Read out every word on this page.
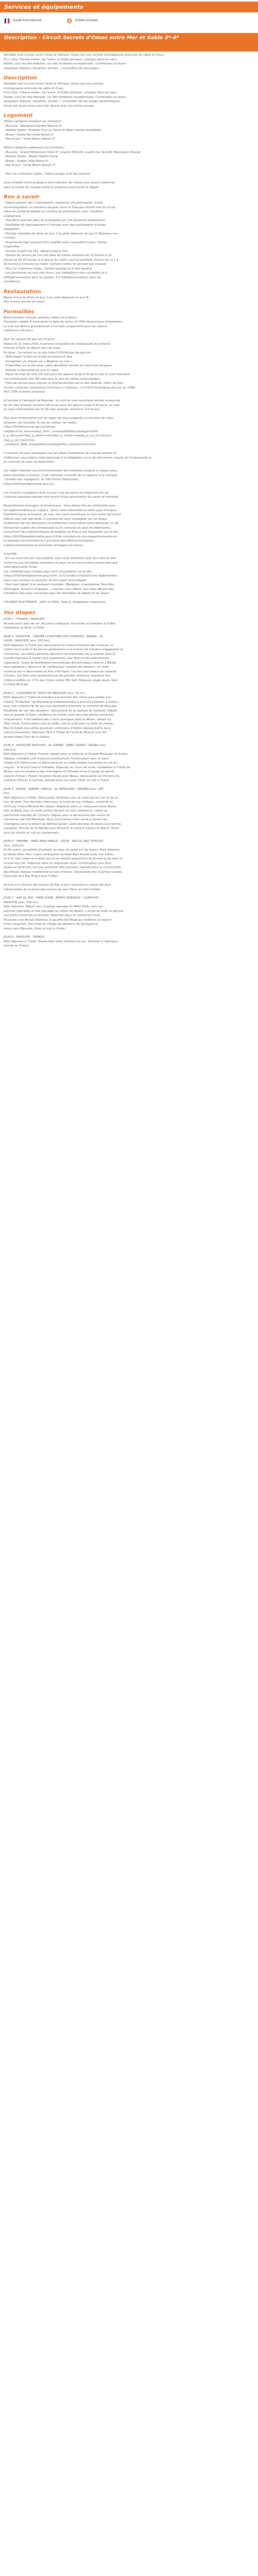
Services et équipements
Guide francophone	Visites incluses
Description - Circuit Secrets d'Oman entre Mer et Sable 3*-4*

Véritable trait d'union entre l'Inde et l'Afrique, Oman est une contrée montagneuse entourée de sable et d'eau.
D'un côté, l'Océan Indien, de l'autre, le Golfe persique ; plongez dans les eaux
libides, sous les des baleines, sur des tombants exceptionnels. Contemplez sa faune
aquatique (baleine, dauphins, tortues...) et profitez de ces plages ...

Description

Véritable trait d'union entre l'Inde et l'Afrique, Oman est une contrée
montagneuse entourée de sable et d'eau.
D'un côté, l'Océan Indien, de l'autre, le Golfe persique ; plongez dans les eaux
libides, sous les des baleines, sur des tombants exceptionnels. Contemplez sa faune
aquatique (baleine, dauphins, tortues...) et profitez de ces plages paradisiaques.
Oman est aussi connu pour son désert avec ses dunes orange.

Logement

Hôtels catégorie standard (ou similaire) :
- Muscate : Wyndham Garden Muscat 4*
- Wahiba Sands : Arabian Oryx ou Sama Al Wasil (tentes standards).
- Nizwa : Nizwa Ibis Hotel Nizwa 4*
- Ras Al Jinz : Turtle Beach Resort 3*

Hôtels catégorie supérieure (ou similaire) :
- Muscate : Grand Millennium Hotel 5* (majoré 50/1/26, à partir du 31/1/26, Movenpick Muscat.
- Wahiba Sands : Desert Nights Camp
- Nizwa : Golden Tulip Nizwa 4*
- Ras Al Jinz : Turtle Beach Resort 3*

- Pour les chambres triples, l'hôtel partage le lit des parents

Liste d'hôtels communiquée à titre indicatif, les hôtels vous seront confirmés
dans le carnet de voyage transmis quelques jours avant le départ.

Bon à savoir

- Départ garanti dès 2 participants, maximum 24 participants. Guide
accompagnateur en plusieurs langues (dont le français) durant tout le circuit,
véhicule climatisé adapté au nombre de participants, avec chauffeur
anglophone.
- Transferts assurés (être accompagnés par une personne anglophone.
- Possibilité de regroupement à l'arrivée avec des participants d'autres
voyagistes.
- Période complète du dîner du jour 1 au petit déjeuner du jour 8. Boissons non
incluses.
- Programme type pouvant être modifié selon impératifs locaux. Visites
respectées.
- Arrivée à partir de 14h, départ jusqu'à 15h.
- Heures de service de l'accord dans les hôtels standard de 12 heures à 15
heures et de 18 heures à 3 heures du matin, sauf le vendredi, heures de 12 h à
16 heures à 3 heures du matin. Certains hôtels ne servent pas d'alcool.
- Pour les chambres triples, l'enfant partage le lit des parents
- Les pourboires ne sont pas inclus, une obligations mais conseillés (e 8
USD/personne/jour pour les guides, 4-5 USD/personne/jour pour les
chauffeurs).

Restauration

Repas inclus du dîner du jour 1 au petit-déjeuner du jour 8.
Eau incluse durant les repas.

Formalités

Ressortissants français (adultes, bébés et enfants) :
Passeport valable 6 mois après la date de retour et VISA électronique obligatoires.
Le visa est délivré gratuitement à l'arrivée uniquement pour les séjours
inférieurs à 14 jours.

Pour les séjours de plus de 14 jours :
Depuis le 21 mars 2018, le service consulaire de l'ambassade du sultanat
d'Oman à Paris ne délivre plus de visas.
En ligne : Se rendre sur le site https://XXXXevisa.rop.gov.om
- Télécharger le Manuel d'aide procédure E-Visa
- Enregistrer un citoyen sur « Register as user »
- S'identifier sur le site avec votre identifiant (email) et votre mot de passe
- Remplir la demande de visa en ligne
- Payer les frais de visa (20 rials pour les séjours jusqu'à 30 jours) par la carte bancaire
via le formulaire visa (50 rials pour le visa de visites multi-entrées)
- Frais de service pour assurer le fonctionnement de ce site internet, mercl de bien
vouloir contacter l'assistance technique à l'adresse : ic1.5503 Oman@rop.gov.om ou +968
993 7194 (numéro omanais).

A l'arrivée à l'aéroport de Muscate : le coût du visa touristique entrée unique est
de 20 rials omanais (environ 46 euros) pour les séjours jusqu'à 30 jours. Le coût
du visa multi-entrées est de 50 rials omanais (environs 117 euros).

Pour plus d'information sur les types de visas proposés en fonction de votre
situation, de consulter le site du visiteur de visites
https://XXXXevisa.rop.gov.om/evisa
nslgltb(url=p_id=evisasrcl_hhhl.../visatypeElibility/visatypel-kirfd-
p_p_lifecycle=0&p_p_state=normal&p_p_mode=view&p_p_col_id=column-
1&p_p_col_count=1&
_visastyrol_WAR_visaeligibilityvisaeligibilityl_myaction=recheck.

Il convient de vous renseigner sur les délais d'obtention du visa documents et
d'effectuer vous-même votre demande à la délégation cours de démarches auprès de l'ambassade ou
du consulat du pays de destination.

Les règles relatives aux franchissements des frontières propres à chaque pays
étant amenées à évoluer, il est vivement conseillé de se reporter à la rubrique
"conseils aux voyageurs" du site France Diplomatie,
https://XXXXwwdiplomatie.gouv.fr/...

Les mineurs voyageant seuls ou avec une personne ne disposant pas de
l'autorité parentale doivent être munis d'une autorisation de sortie de territoire.

Ressortissants étrangers et binationaux : Vous devez être en conformité avec
les réglementations en vigueur, selon votre nationalité et votre pays d'origine.
Possibilité qu'en envoyant, un visa, une carte touristique ou tout autre document
officiel vous soit demandé. Il convient de vous renseigner sur les délais
d'obtention de ces documents et d'effectuer vous-même votre demande, cf. de
démarches auprès de l'ambassade ou du consulat du pays de destination.
Concernant des représentations étrangères en France est disponible via ce lien :
https://XXXXwwwdiplomatie.gouv.fr/fr/le-ministere-et-son-reseau/annuaires-et-
et-adresses-du-ministere-et-l-annuaire-des-affaires-etrangeres-
maeannuairesambas-et-consulats-etrangers-en-france/

A NOTER :
- En cas d'arrivée par voie postale, nous vous informons que vous devrez être
conforme aux formalités sanitaires du pays ou se trouve votre escale ainsi que
votre destination finale.
Les modalités pour chaque pays sont consultables sur le site
https://XXXXwwdiplomatie.gouv.fr/fr/. Le Conseille instituent très réglièrement,
nous vous invitons à consulter ce lien avant votre départ.
- Pour tout départ d'un aéroport frontalier, (Belgique, Luxembourg, Pays-Bas,
Allemagne, Suisse ou Espagne...) veuillez vous référer aux sites officiels des
ministères des pays concernés pour les formalités de départ et de retour.

COURANT ELECTRIQUE : 240V et 50Hz. Type G. Adaptateur nécessaire.

Vos étapes

JOUR 1 : FRANCE / MASCATE
Arrivée selon plan de vol. Accueil à l'aéroport, formalités et transfert à l'hôtel.
Installation et dîner à l'hôtel.

JOUR 2 : MASCATE - CENTRE D'HISTOIRE DES SCIENCES - BARKA - AL
HAZM - MASCATE (env. 325 km)
Petit déjeuner à l'hôtel puis découverte du centre d'histoire des sciences, le
centre vous invite à les jeunes générations à la science de manière engageante et
interactive. Les élèves peuvent découvrir les merveilles de la science dans le
monde islamique à travers des expositions, des films et des événements
importants. Visite de fortification reconstituée des principaux sites et à Barka.
Vous passerez y découvrir de nombreuses variétés de poissons. La visite
continue par la découverte du Fort d'Al Hazm, l'un des plus beaux du sultanat
d'Oman. Les forts sont seulement par de grandes colonnes, imposant fort
militaire édifiée en 1711 par l'imam sultan Bin Saif. Déjeuner plage repas. Nuit
à l'hôtel Muscate.

JOUR 3 : CROISIÈRE ET VISITE DE MASCATE (env. 75 km)
Petit déjeuner à l'hôtel et transfert à Jousra-bin afin d'être puis guidés à la
marina "Al Bandar" de Mascate et embarquement à bord d'un bateau à moteur
pour une croisière de 2h qui vous permettra d'admirer la corniche de Mascate.
Possibilité de voir des dauphins. Découverte de la capitale du Sultanat. Départ
vers la grande Al Alam, résidence du Sultan, puis forts des photos (extérieur
uniquement). Il est édifiant des 2 forts portugais Jalali et Mirani, datant du
XVIe siècle. Continuation vers la vieille ville et arrêt pour la visite du musée
Bait Al Zubair (qui abrite plusieurs collections d'objets représentatifs de la
culture omanaise). Déjeuner. Nuit à l'hôtel de l'amit de Muscat (non les
locales faites) Fort de la vallées.

JOUR 4 : MOSQUÉE MASCATE - AL HAMRA - JEBEL SHAMS - NIZWA (env.
236 km)
Petit déjeuner à l'hôtel. Premier départ pour la visite de la Grande Mosquée du Sultan
Qaboos, véritable chef d'oeuvre architectural. Continuation vers le vieux
village d'Al Hamra pour la découverte de sa vieille longue commune et vue du
canyon : le Grand Canyon d'Arabie. Déjeuner en cours de route. Installation à l'hôtel de
Nizwa, vers les hauteurs des montagnes et d'Arabie et de la gorge du grand
canyon d'Oman. Passer réception Route pour Nizwa, découverte de l'Homme du
Sultanat d'Oman à l'arrivée, balade dans son souk. Dîner et nuit à l'hôtel.

JOUR 5 : NIZWA - JABRIN - BAHLA - AL MANDIZAR - WAHIBA (env. 295
km)
Petit déjeuner à l'hôtel. Découverte de Nizwa avec la visite de son fort et de sa
tour de guet. Puis des bois (dans pour la visite de son château, construit en
1675 par l'imam Bil'arab bin Sultan. Déjeuner dans un restaurant local. Route
vers le Bahla pour un arrêt photos devant son fort (extérieur), classé au
patrimoine mondial de l'Unesco. Départ pour la découverte des ruines de
l'ancienne cité d'Al Mandizar. Vous continuerez votre route à travers les
montagnes pour le désert du Wahiba Sands, vaste étendue de dunes aux teintes
orangées. Arrivée au lit Wahiba puis direction le camp à travers le désert. Dîner
sous les étoiles et nuit au campement.

JOUR 6 : WAHIBA - WADI BANI KHALID - SOUR - RAS AL JINZ TORTUES
(env. 229 km)
En fin matin, possibilité d'assister au lever du soleil sur les dunes. Petit déjeuner
et temps libre. Pour l'oasis verdoyante du Wadi Bani Khalid (sud) une vallée,
et si le l'eau claire se avérait qui ne se remplit aujourd'hui de formes juste dans le
monde brut les. Déjeuner dans un restaurant local. Continuation vers Sour
située en bord mer, est une ancienne ville portuaire réputée pour la construction
des Dhows, bateau traditionnel en bois d'Oman. Découverte des chantiers navals.
Poursuite vers Ras Al Jinz pour l'hôtel.

Arrivée à la réserve des tortues de Ras al Jinz, réservée en saison bal pour
l'observation de la ponte des tortues de mer. Dîner et nuit à l'hôtel.

JOUR 7 : RAS AL JINZ - WADI SHAB - BIMAH SINKHOLE - QURAYYAT -
MASCATE (env. 292 km)
Petit déjeuner. Départ vers la gorge sauvage du Wadi Shab, avec ses
piscines naturelles et ses cascades au milieu du désert. L'accès au wadi se fait par
une petite traversée en barque. Déjeuner dans un restaurant local.
Poursuite vers Bimah Sinkhole, le gouffre de Dibab qui renferme un bassin
d'eau turquoise. Puis arrêt au village de pêcheurs de Qurayyat et
retour vers Mascate. Dîner et nuit à l'hôtel.

JOUR 8 : MASCATE - FRANCE
Petit déjeuner à l'hôtel. Temps libre selon horaires du vol. Transfert à l'aéroport,
arrivée en France.
